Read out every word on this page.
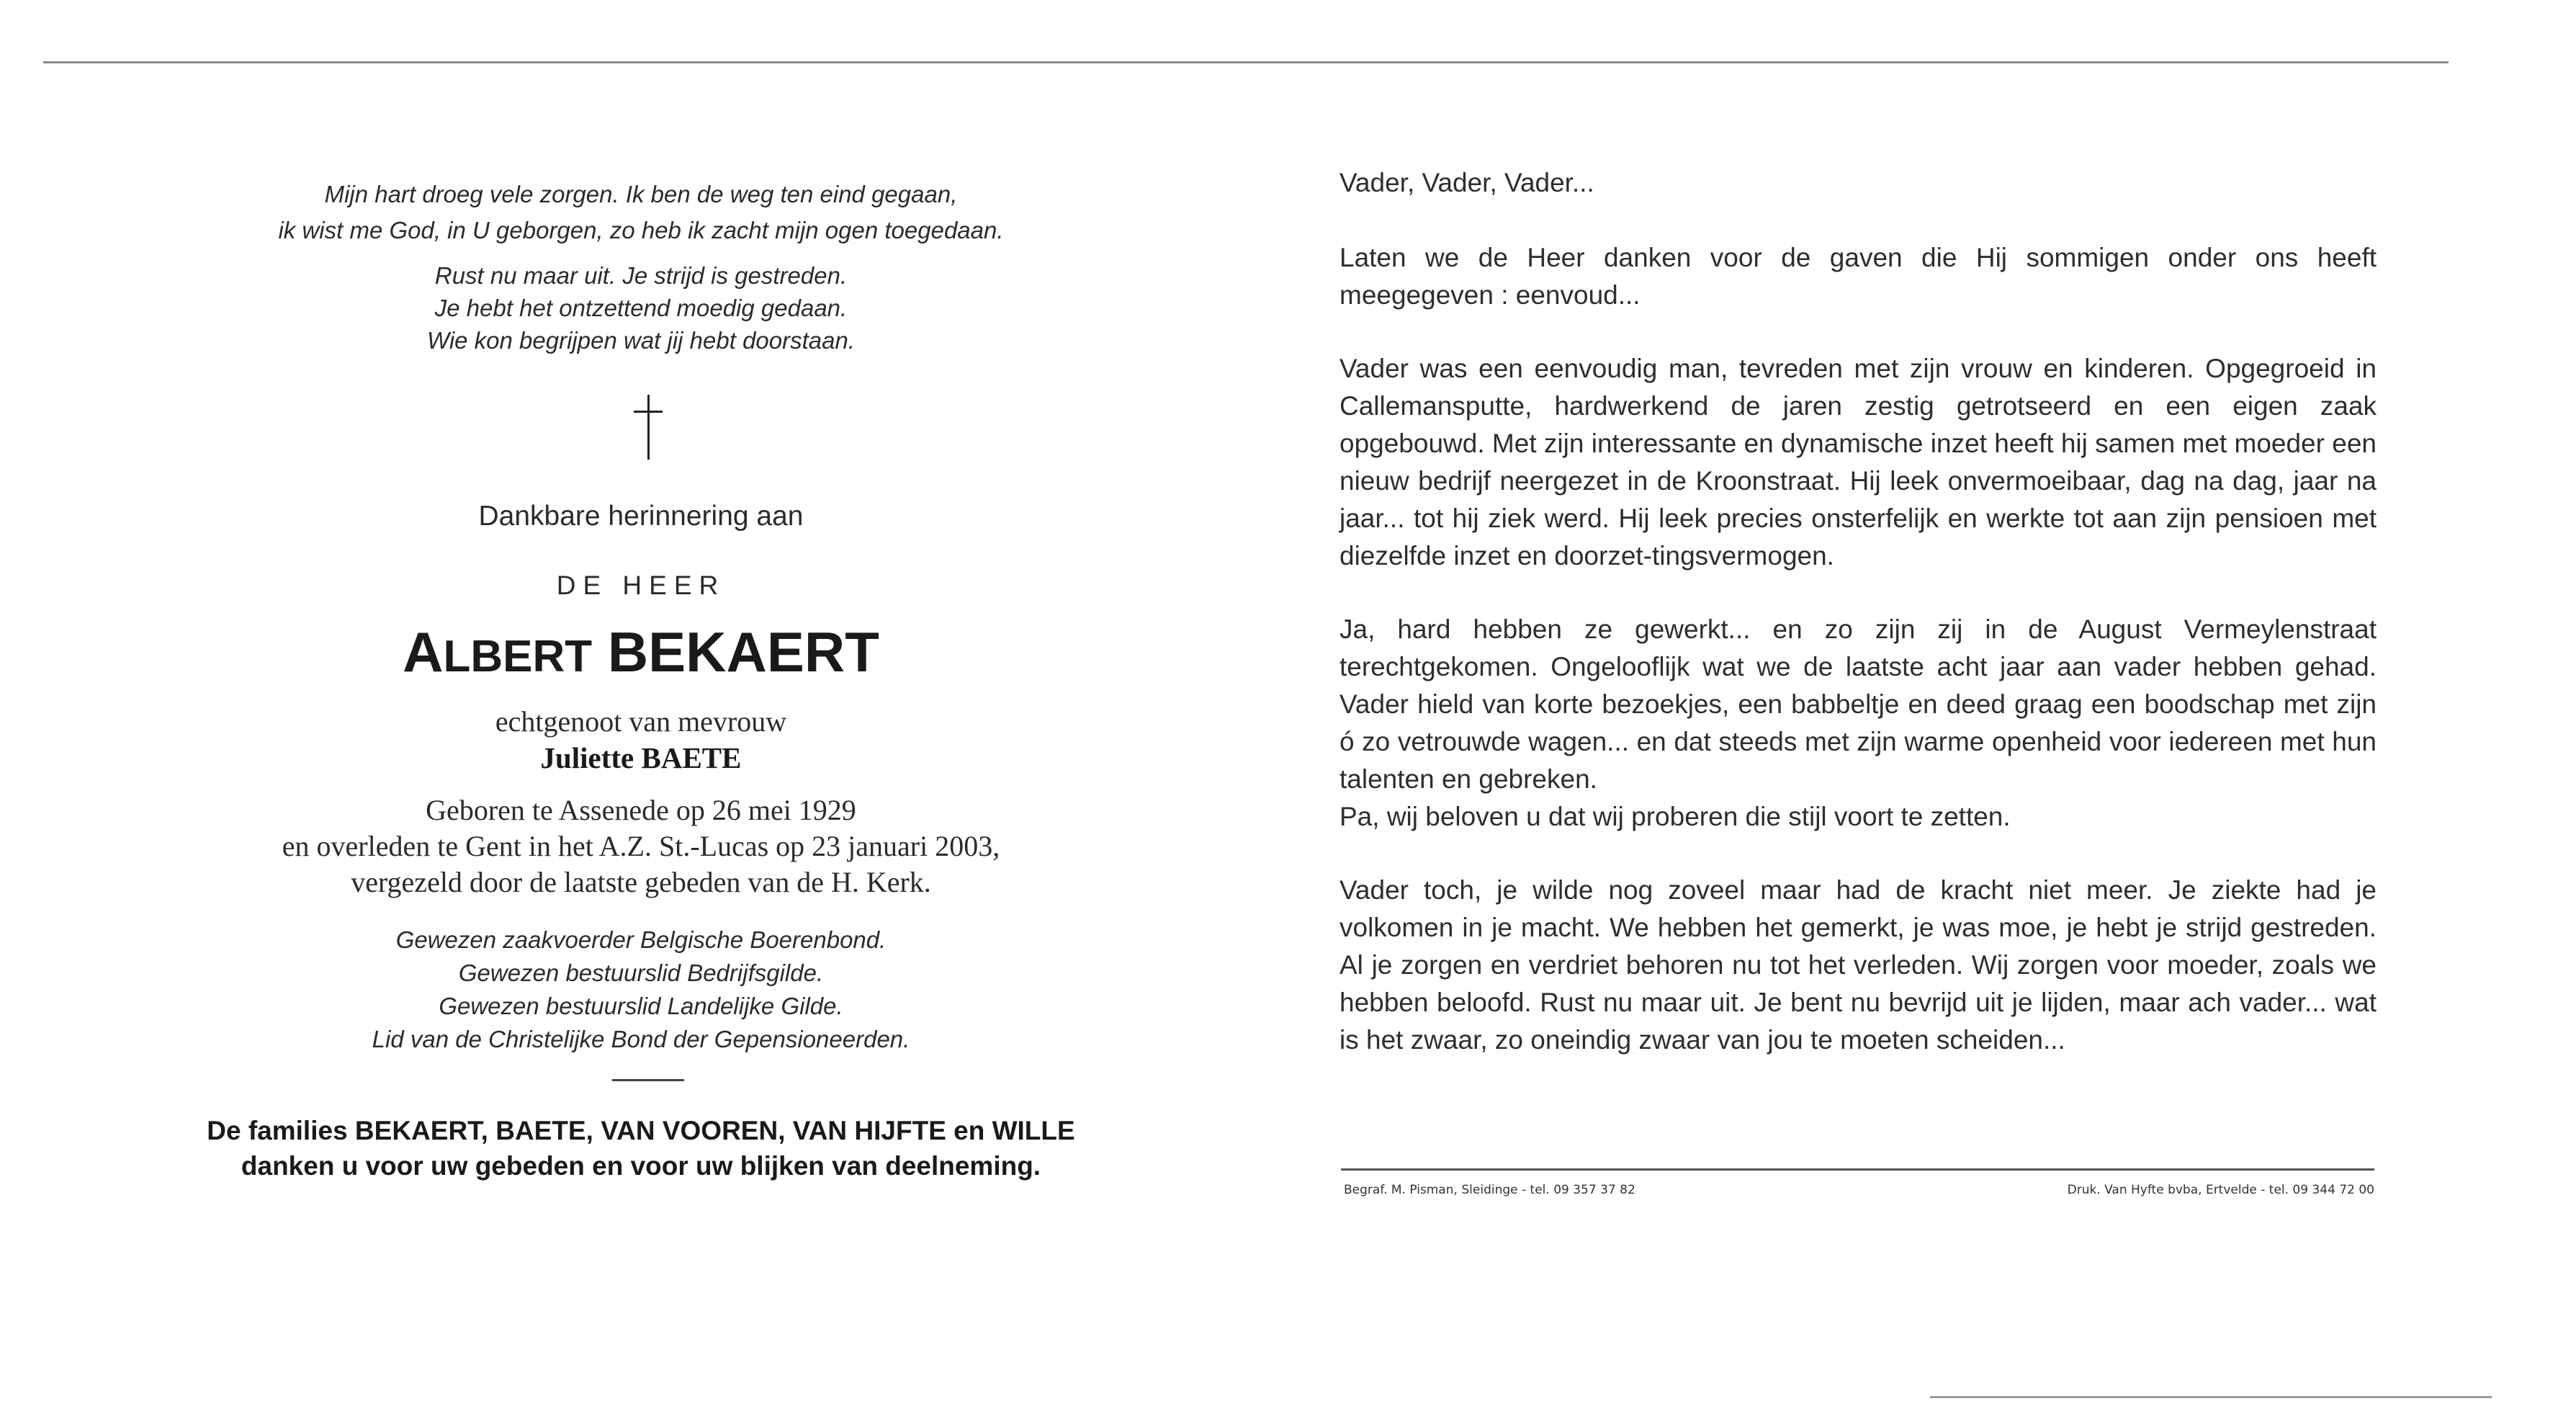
Mijn hart droeg vele zorgen. Ik ben de weg ten eind gegaan,
ik wist me God, in U geborgen, zo heb ik zacht mijn ogen toegedaan.
Rust nu maar uit. Je strijd is gestreden.
Je hebt het ontzettend moedig gedaan.
Wie kon begrijpen wat jij hebt doorstaan.
Dankbare herinnering aan
DE HEER
ALBERT BEKAERT
echtgenoot van mevrouw
Juliette BAETE
Geboren te Assenede op 26 mei 1929
en overleden te Gent in het A.Z. St.-Lucas op 23 januari 2003,
vergezeld door de laatste gebeden van de H. Kerk.
Gewezen zaakvoerder Belgische Boerenbond.
Gewezen bestuurslid Bedrijfsgilde.
Gewezen bestuurslid Landelijke Gilde.
Lid van de Christelijke Bond der Gepensioneerden.
De families BEKAERT, BAETE, VAN VOOREN, VAN HIJFTE en WILLE
danken u voor uw gebeden en voor uw blijken van deelneming.

Vader, Vader, Vader...

Laten we de Heer danken voor de gaven die Hij sommigen onder ons heeft meegegeven : eenvoud...

Vader was een eenvoudig man, tevreden met zijn vrouw en kinderen. Opgegroeid in Callemansputte, hardwerkend de jaren zestig getrotseerd en een eigen zaak opgebouwd. Met zijn interessante en dynamische inzet heeft hij samen met moeder een nieuw bedrijf neergezet in de Kroonstraat. Hij leek onvermoeibaar, dag na dag, jaar na jaar... tot hij ziek werd. Hij leek precies onsterfelijk en werkte tot aan zijn pensioen met diezelfde inzet en doorzet-tingsvermogen.

Ja, hard hebben ze gewerkt... en zo zijn zij in de August Vermeylenstraat terechtgekomen. Ongelooflijk wat we de laatste acht jaar aan vader hebben gehad. Vader hield van korte bezoekjes, een babbeltje en deed graag een boodschap met zijn ó zo vetrouwde wagen... en dat steeds met zijn warme openheid voor iedereen met hun talenten en gebreken.

Pa, wij beloven u dat wij proberen die stijl voort te zetten.

Vader toch, je wilde nog zoveel maar had de kracht niet meer. Je ziekte had je volkomen in je macht. We hebben het gemerkt, je was moe, je hebt je strijd gestreden. Al je zorgen en verdriet behoren nu tot het verleden. Wij zorgen voor moeder, zoals we hebben beloofd. Rust nu maar uit. Je bent nu bevrijd uit je lijden, maar ach vader... wat is het zwaar, zo oneindig zwaar van jou te moeten scheiden...

Begraf. M. Pisman, Sleidinge - tel. 09 357 37 82	Druk. Van Hyfte bvba, Ertvelde - tel. 09 344 72 00
